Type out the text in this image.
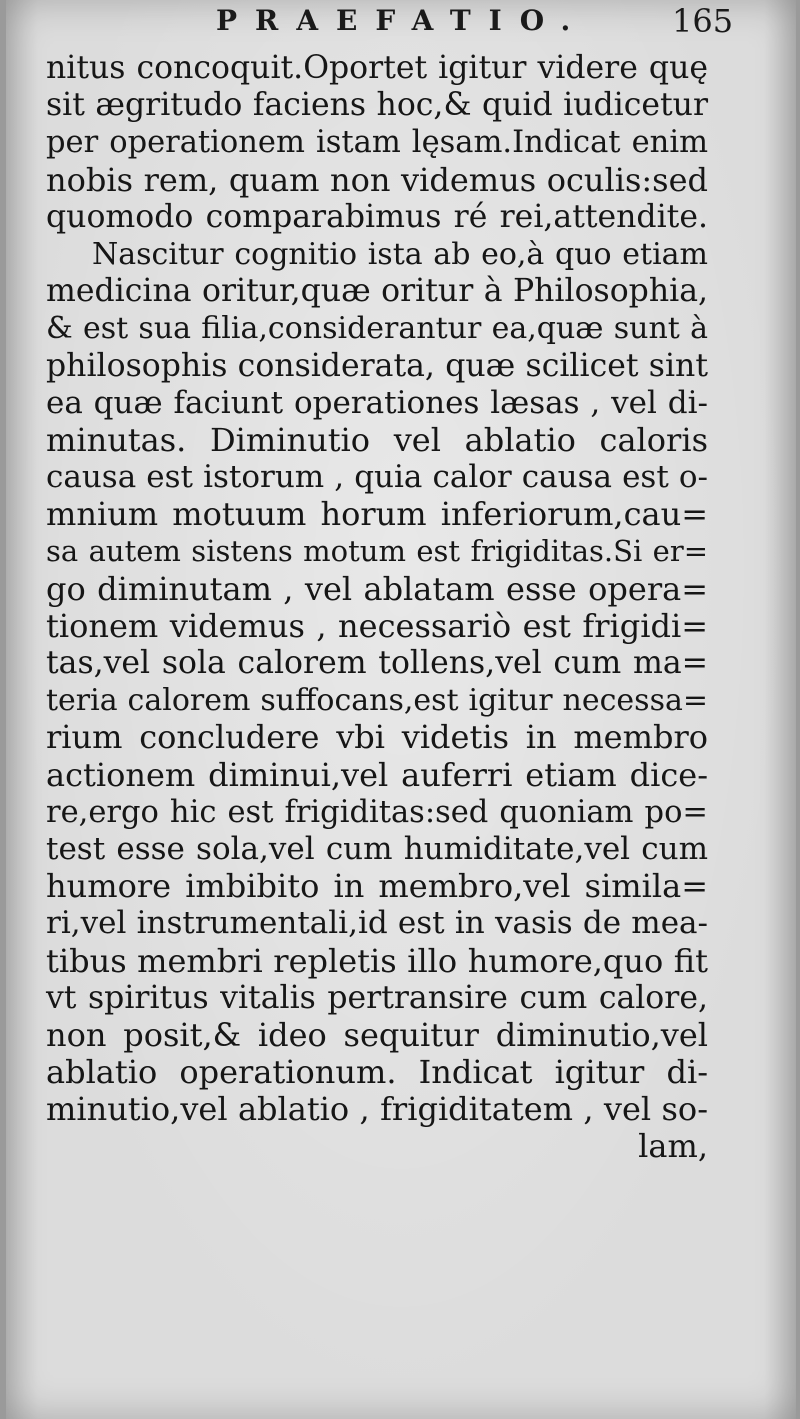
PRAEFATIO.	165
nitus concoquit.Oportet igitur videre quę
sit ægritudo faciens hoc,& quid iudicetur
per operationem istam lęsam.Indicat enim
nobis rem, quam non videmus oculis:sed
quomodo comparabimus ré rei,attendite.
Nascitur cognitio ista ab eo,à quo etiam
medicina oritur,quæ oritur à Philosophia,
& est sua filia,considerantur ea,quæ sunt à
philosophis considerata, quæ scilicet sint
ea quæ faciunt operationes læsas , vel di-
minutas. Diminutio vel ablatio caloris
causa est istorum , quia calor causa est o-
mnium motuum horum inferiorum,cau=
sa autem sistens motum est frigiditas.Si er=
go diminutam , vel ablatam esse opera=
tionem videmus , necessariò est frigidi=
tas,vel sola calorem tollens,vel cum ma=
teria calorem suffocans,est igitur necessa=
rium concludere vbi videtis in membro
actionem diminui,vel auferri etiam dice-
re,ergo hic est frigiditas:sed quoniam po=
test esse sola,vel cum humiditate,vel cum
humore imbibito in membro,vel simila=
ri,vel instrumentali,id est in vasis de mea-
tibus membri repletis illo humore,quo fit
vt spiritus vitalis pertransire cum calore,
non posit,& ideo sequitur diminutio,vel
ablatio operationum. Indicat igitur di-
minutio,vel ablatio , frigiditatem , vel so-
lam,
